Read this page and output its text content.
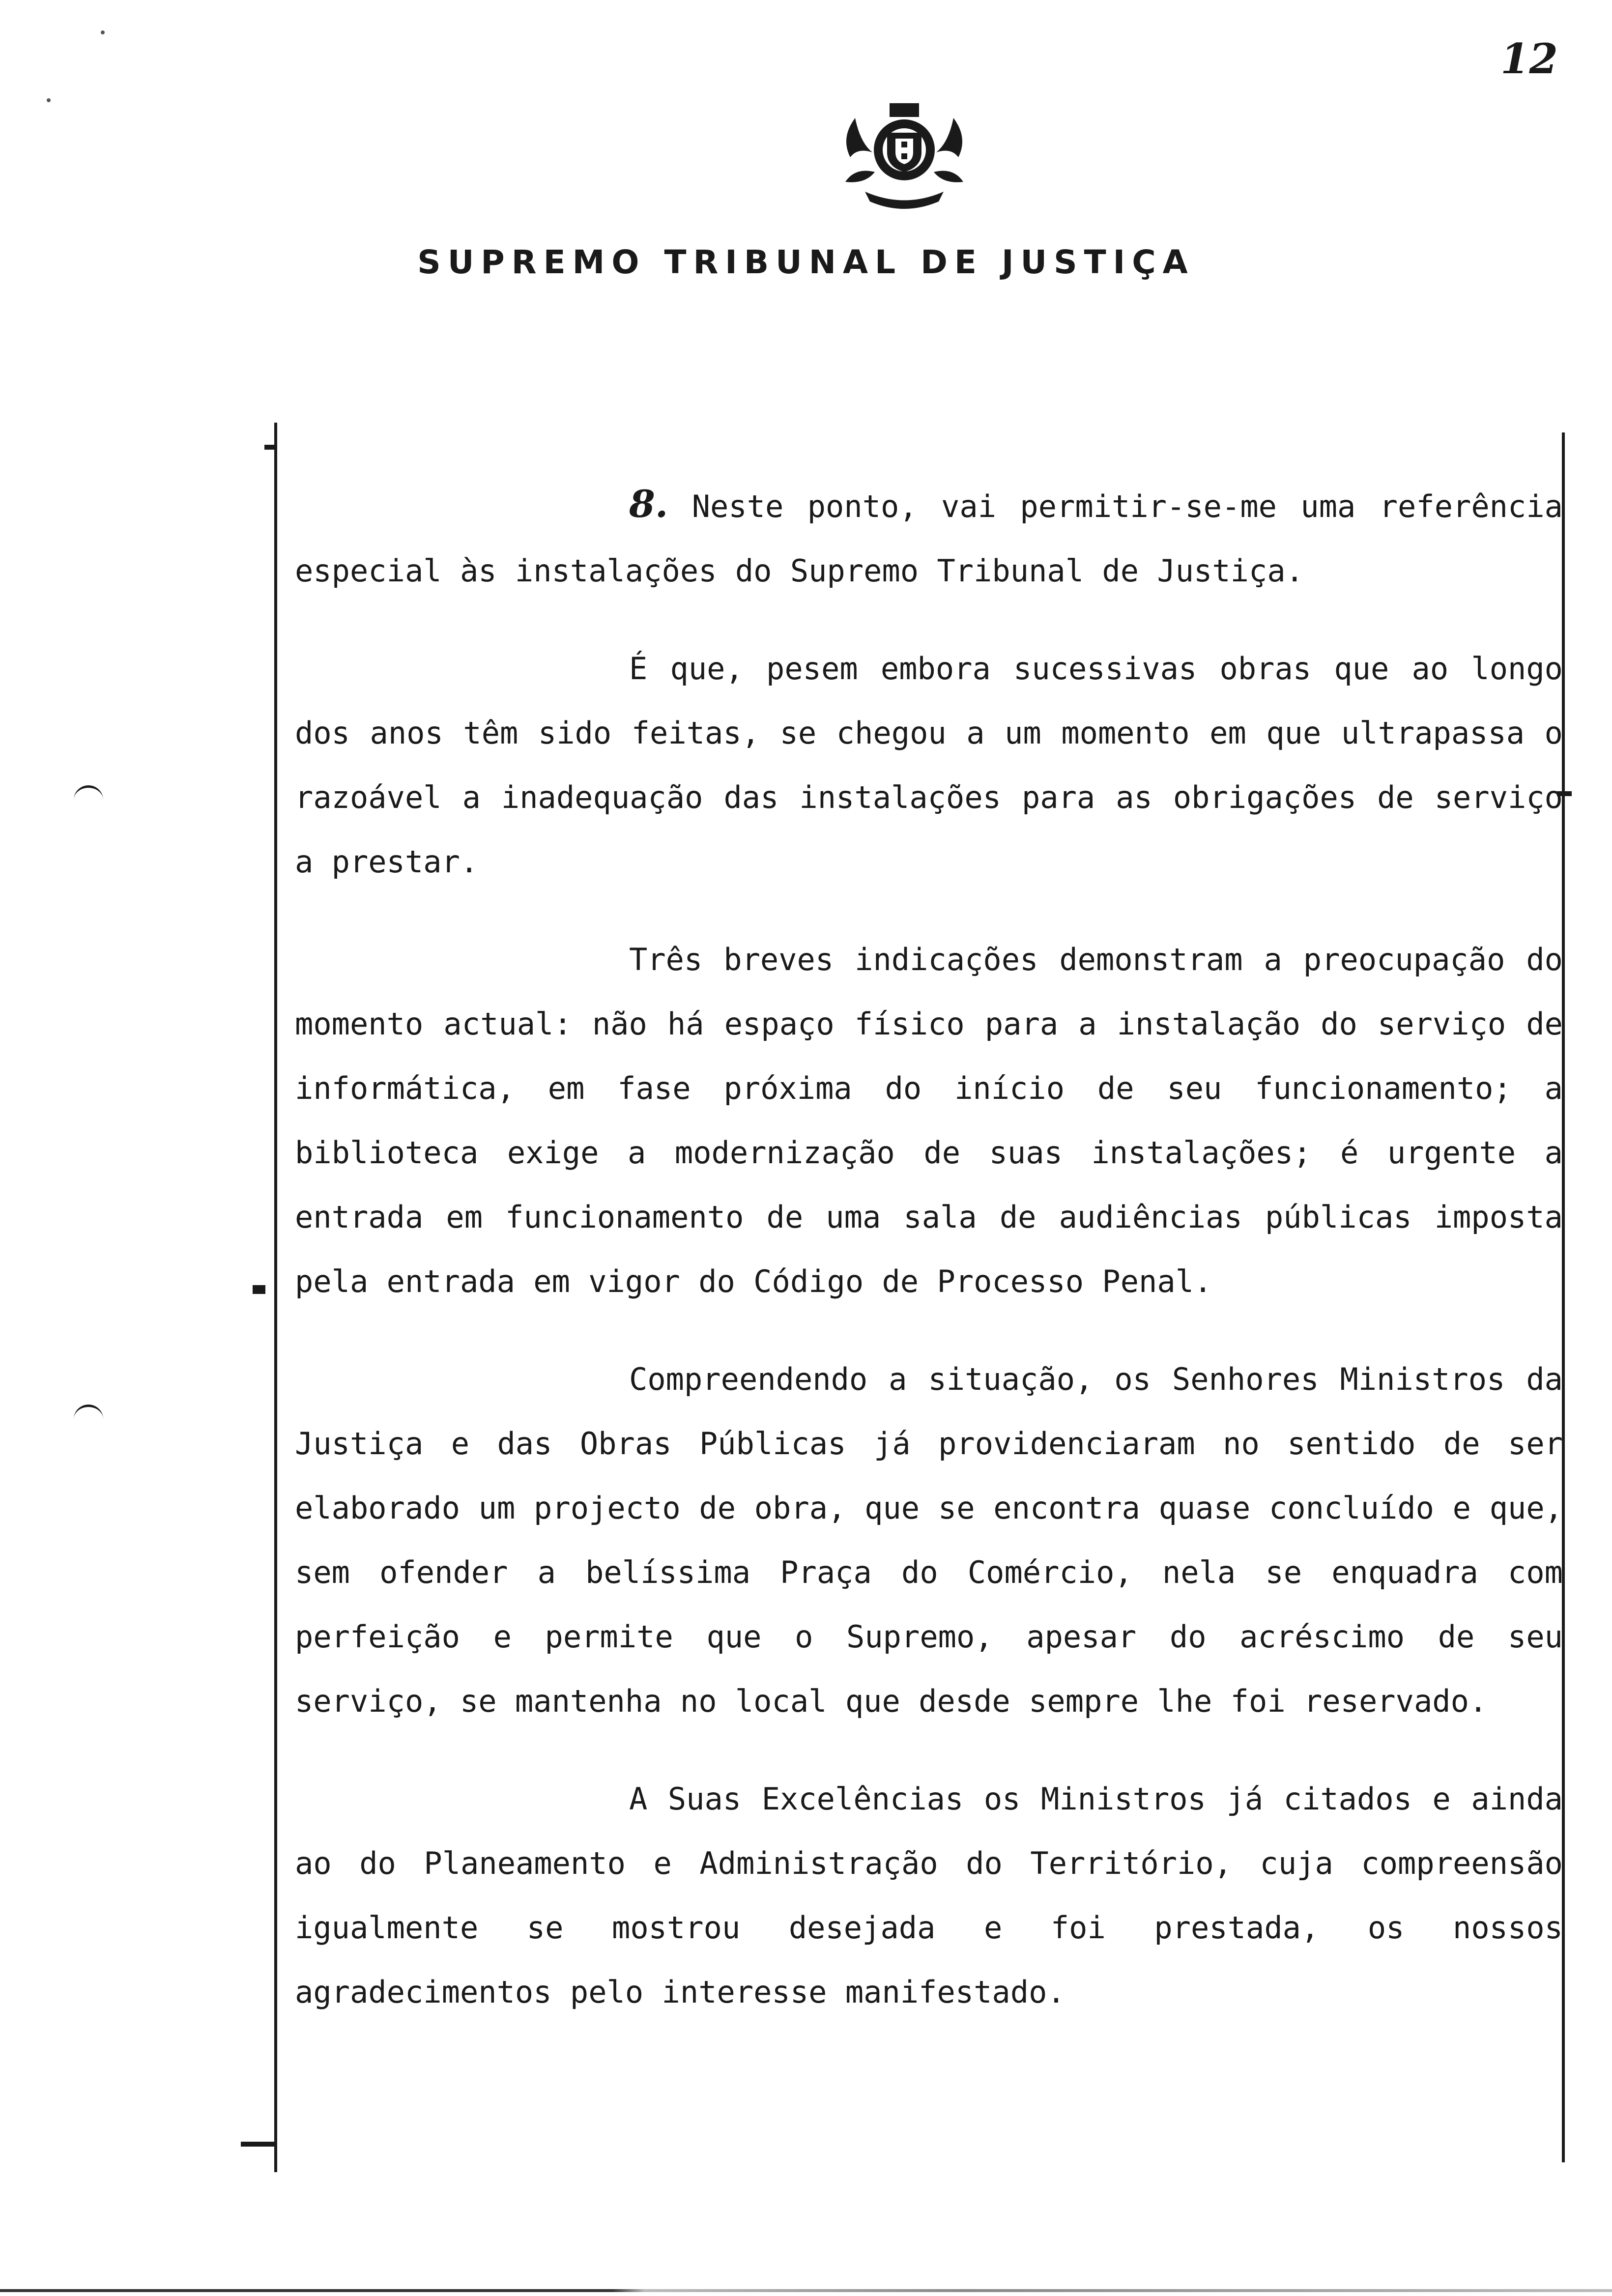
12
SUPREMO TRIBUNAL DE JUSTIÇA

8. Neste ponto, vai permitir-se-me uma referência especial às instalações do Supremo Tribunal de Justiça.

É que, pesem embora sucessivas obras que ao longo dos anos têm sido feitas, se chegou a um momento em que ultrapassa o razoável a inadequação das instalações para as obrigações de serviço a prestar.

Três breves indicações demonstram a preocupação do momento actual: não há espaço físico para a instalação do serviço de informática, em fase próxima do início de seu funcionamento; a biblioteca exige a modernização de suas instalações; é urgente a entrada em funcionamento de uma sala de audiências públicas imposta pela entrada em vigor do Código de Processo Penal.

Compreendendo a situação, os Senhores Ministros da Justiça e das Obras Públicas já providenciaram no sentido de ser elaborado um projecto de obra, que se encontra quase concluído e que, sem ofender a belíssima Praça do Comércio, nela se enquadra com perfeição e permite que o Supremo, apesar do acréscimo de seu serviço, se mantenha no local que desde sempre lhe foi reservado.

A Suas Excelências os Ministros já citados e ainda ao do Planeamento e Administração do Território, cuja compreensão igualmente se mostrou desejada e foi prestada, os nossos agradecimentos pelo interesse manifestado.
